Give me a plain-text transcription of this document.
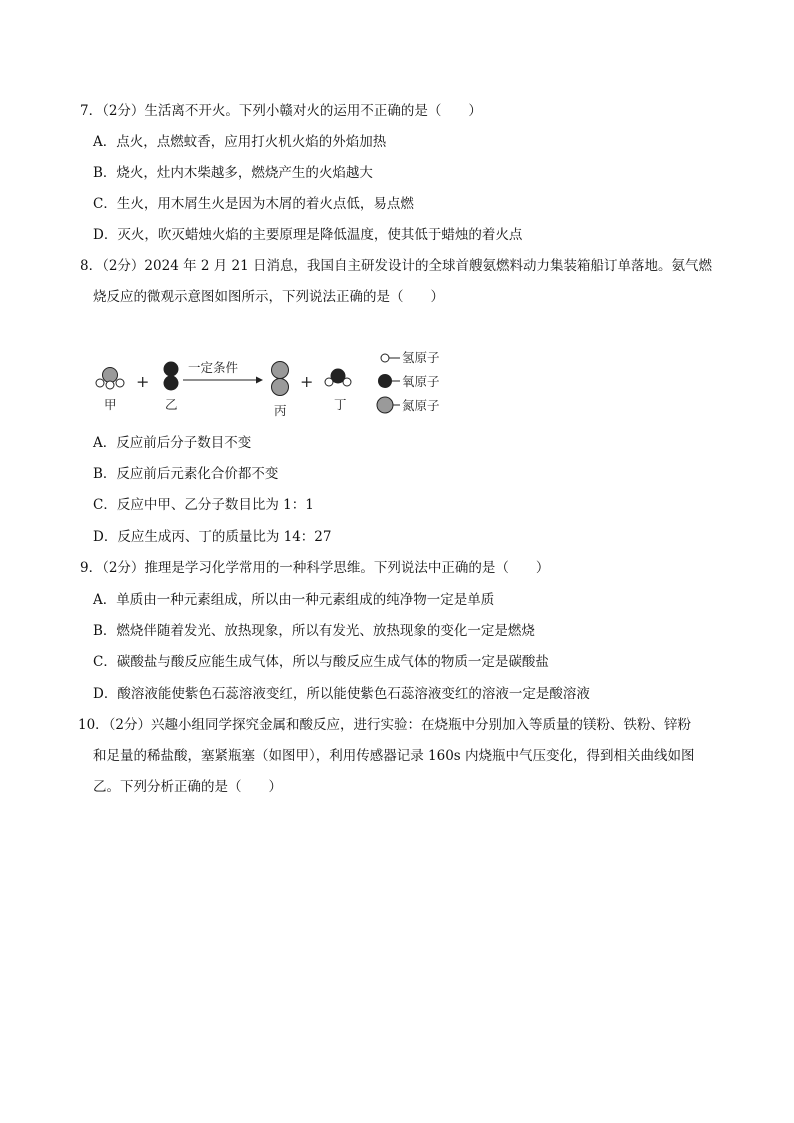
7．（2分）生活离不开火。下列小赣对火的运用不正确的是（　　）
A．点火，点燃蚊香，应用打火机火焰的外焰加热
B．烧火，灶内木柴越多，燃烧产生的火焰越大
C．生火，用木屑生火是因为木屑的着火点低，易点燃
D．灭火，吹灭蜡烛火焰的主要原理是降低温度，使其低于蜡烛的着火点
8．（2分）2024 年 2 月 21 日消息，我国自主研发设计的全球首艘氨燃料动力集装箱船订单落地。氨气燃
烧反应的微观示意图如图所示，下列说法正确的是（　　）
甲
+
乙
一定条件
丙
+
丁
氢原子
氧原子
氮原子
A．反应前后分子数目不变
B．反应前后元素化合价都不变
C．反应中甲、乙分子数目比为 1：1
D．反应生成丙、丁的质量比为 14：27
9．（2分）推理是学习化学常用的一种科学思维。下列说法中正确的是（　　）
A．单质由一种元素组成，所以由一种元素组成的纯净物一定是单质
B．燃烧伴随着发光、放热现象，所以有发光、放热现象的变化一定是燃烧
C．碳酸盐与酸反应能生成气体，所以与酸反应生成气体的物质一定是碳酸盐
D．酸溶液能使紫色石蕊溶液变红，所以能使紫色石蕊溶液变红的溶液一定是酸溶液
10．（2分）兴趣小组同学探究金属和酸反应，进行实验：在烧瓶中分别加入等质量的镁粉、铁粉、锌粉
和足量的稀盐酸，塞紧瓶塞（如图甲），利用传感器记录 160s 内烧瓶中气压变化，得到相关曲线如图
乙。下列分析正确的是（　　）
